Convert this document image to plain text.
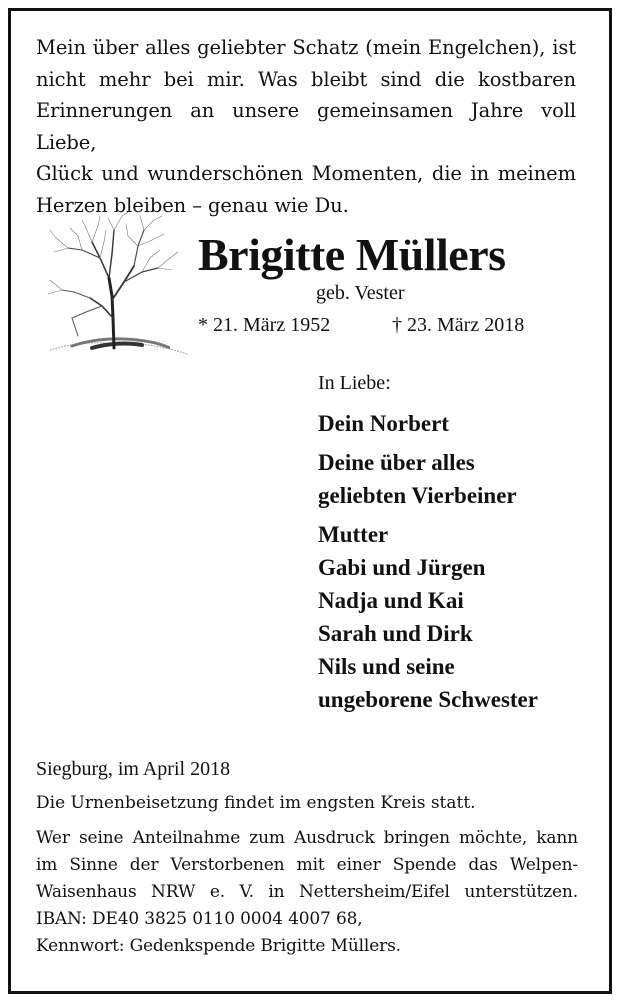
Mein über alles geliebter Schatz (mein Engelchen), ist
nicht mehr bei mir. Was bleibt sind die kostbaren
Erinnerungen an unsere gemeinsamen Jahre voll Liebe,
Glück und wunderschönen Momenten, die in meinem
Herzen bleiben – genau wie Du.
Brigitte Müllers
geb. Vester
* 21. März 1952	† 23. März 2018
In Liebe:
Dein Norbert
Deine über alles
geliebten Vierbeiner
Mutter
Gabi und Jürgen
Nadja und Kai
Sarah und Dirk
Nils und seine
ungeborene Schwester
Siegburg, im April 2018
Die Urnenbeisetzung findet im engsten Kreis statt.
Wer seine Anteilnahme zum Ausdruck bringen möchte, kann
im Sinne der Verstorbenen mit einer Spende das Welpen-
Waisenhaus NRW e. V. in Nettersheim/Eifel unterstützen.
IBAN: DE40 3825 0110 0004 4007 68,
Kennwort: Gedenkspende Brigitte Müllers.
